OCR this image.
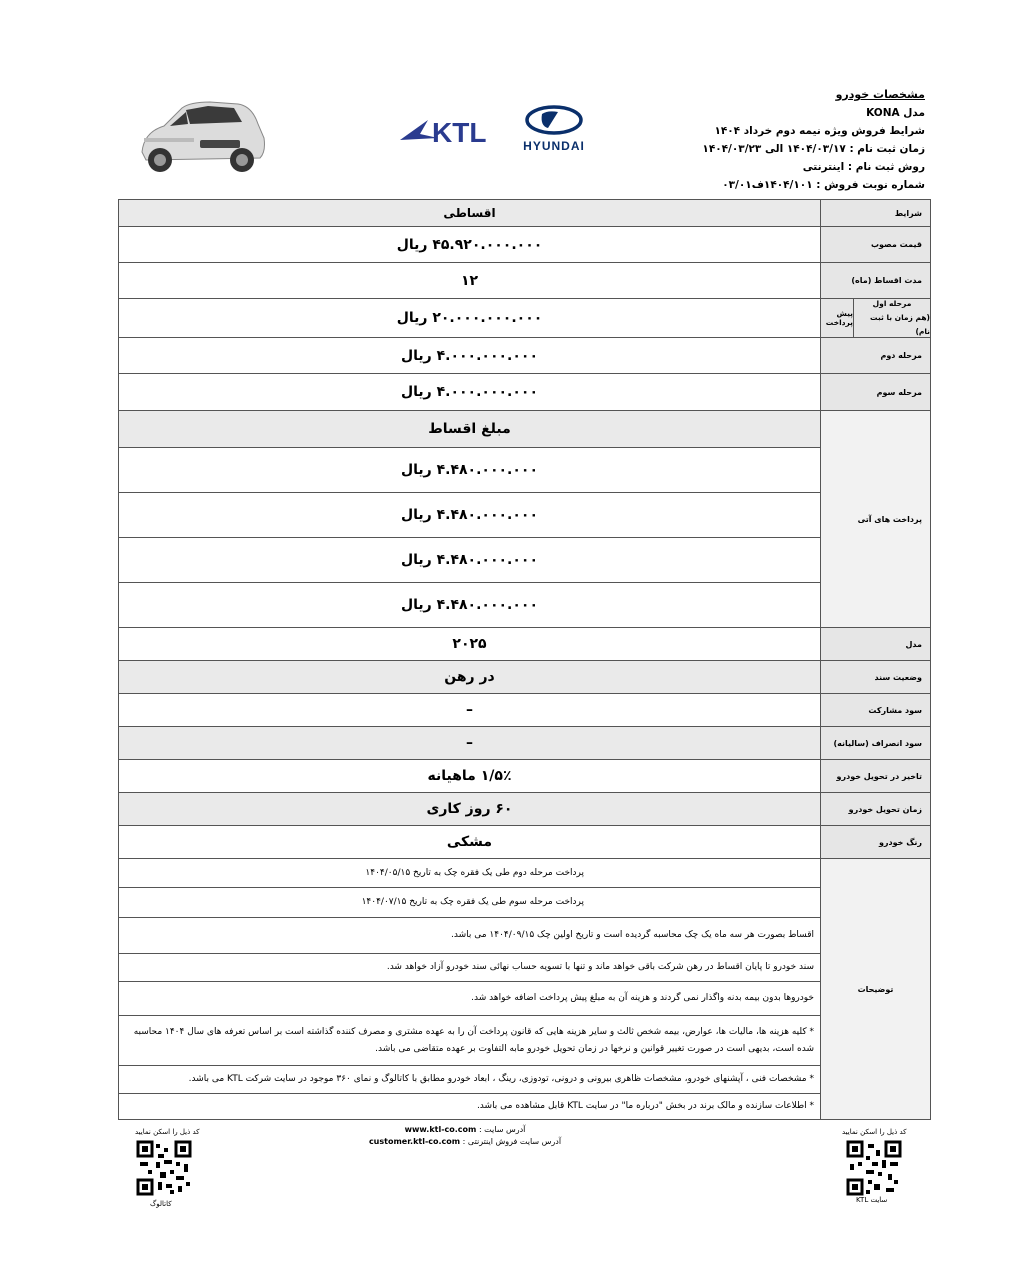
KTL	HYUNDAI
مشخصات خودرو
مدل KONA
شرایط فروش ویژه نیمه دوم خرداد ۱۴۰۴
زمان ثبت نام : ۱۴۰۴/۰۳/۱۷ الی ۱۴۰۴/۰۳/۲۳
روش ثبت نام : اینترنتی
شماره نوبت فروش : ۱۴۰۴/۱۰۱ف۰۳/۰۱
اقساطی	شرایط
۴۵.۹۲۰.۰۰۰.۰۰۰ ریال	قیمت مصوب
۱۲	مدت اقساط (ماه)
۲۰.۰۰۰.۰۰۰.۰۰۰ ریال	مرحله اول
(هم زمان با ثبت نام)
پیش پرداخت

۴.۰۰۰.۰۰۰.۰۰۰ ریال	مرحله دوم
۴.۰۰۰.۰۰۰.۰۰۰ ریال	مرحله سوم
مبلغ اقساط	پرداخت های آتی
۴.۴۸۰.۰۰۰.۰۰۰ ریال	
۴.۴۸۰.۰۰۰.۰۰۰ ریال	
۴.۴۸۰.۰۰۰.۰۰۰ ریال	
۴.۴۸۰.۰۰۰.۰۰۰ ریال	
۲۰۲۵	مدل
در رهن	وضعیت سند
–	سود مشارکت
–	سود انصراف (سالیانه)
۱/۵٪ ماهیانه	تاخیر در تحویل خودرو
۶۰ روز کاری	زمان تحویل خودرو
مشکی	رنگ خودرو
پرداخت مرحله دوم طی یک فقره چک به تاریخ ۱۴۰۴/۰۵/۱۵	توضیحات
پرداخت مرحله سوم طی یک فقره چک به تاریخ ۱۴۰۴/۰۷/۱۵	
اقساط بصورت هر سه ماه یک چک محاسبه گردیده است و تاریخ اولین چک ۱۴۰۴/۰۹/۱۵ می باشد.	
سند خودرو تا پایان اقساط در رهن شرکت باقی خواهد ماند و تنها با تسویه حساب نهائی سند خودرو آزاد خواهد شد.	
خودروها بدون بیمه بدنه واگذار نمی گردند و هزینه آن به مبلغ پیش پرداخت اضافه خواهد شد.	
* کلیه هزینه ها، مالیات ها، عوارض، بیمه شخص ثالث و سایر هزینه هایی که قانون پرداخت آن را به عهده مشتری و مصرف کننده گذاشته است بر اساس تعرفه های سال ۱۴۰۴ محاسبه شده است، بدیهی است در صورت تغییر قوانین و نرخها در زمان تحویل خودرو مابه التفاوت بر عهده متقاضی می باشد.	
* مشخصات فنی ، آپشنهای خودرو، مشخصات ظاهری بیرونی و درونی، تودوزی، رینگ ، ابعاد خودرو مطابق با کاتالوگ و نمای ۳۶۰ موجود در سایت شرکت KTL می باشد.	
* اطلاعات سازنده و مالک برند در بخش "درباره ما" در سایت KTL قابل مشاهده می باشد.	
کد ذیل را اسکن نمایید
کاتالوگ
کد ذیل را اسکن نمایید
سایت KTL
آدرس سایت : www.ktl-co.com
آدرس سایت فروش اینترنتی : customer.ktl-co.com
